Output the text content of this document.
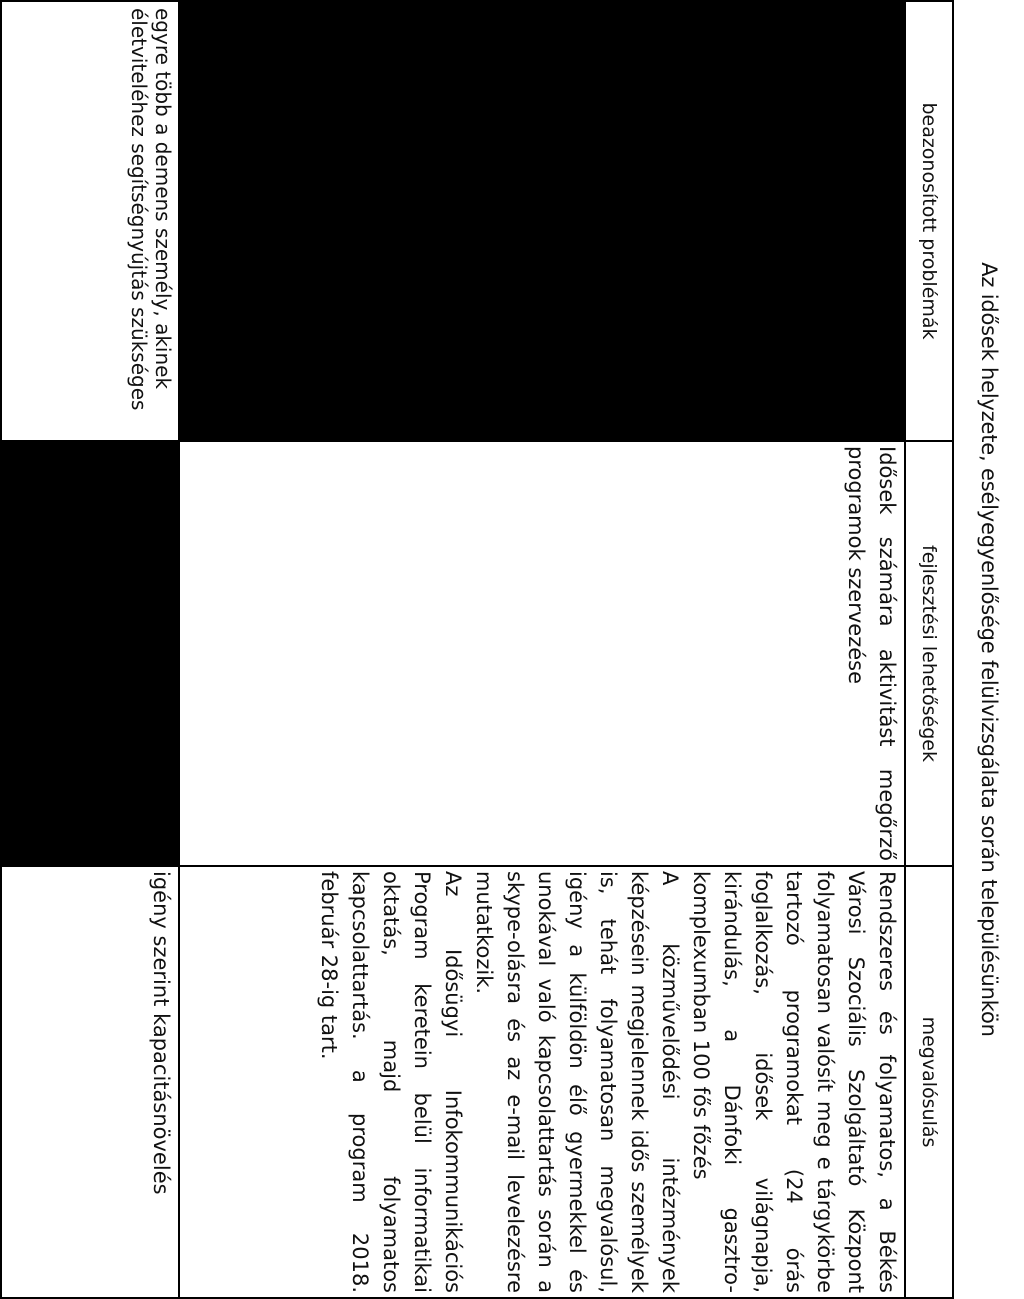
Az idősek helyzete, esélyegyenlősége felülvizsgálata során településünkön
beazonosított problémák
fejlesztési lehetőségek
megvalósulás

Idősek számára aktivitást megőrző programok szervezése

Rendszeres és folyamatos, a Békés Városi Szociális Szolgáltató Központ folyamatosan valósít meg e tárgykörbe tartozó programokat (24 órás foglalkozás, idősek világnapja, kirándulás, a Dánfoki gasztro-komplexumban 100 fős főzés

A közművelődési intézmények képzésein megjelennek idős személyek is, tehát folyamatosan megvalósul, igény a külföldön élő gyermekkel és unokával való kapcsolattartás során a skype-olásra és az e-mail levelezésre mutatkozik.

Az Idősügyi Infokommunikációs Program keretein belül informatikai oktatás, majd folyamatos kapcsolattartás. a program 2018. február 28-ig tart.

egyre több a demens személy, akinek életviteléhez segítségnyújtás szükséges

igény szerint kapacitásnövelés
